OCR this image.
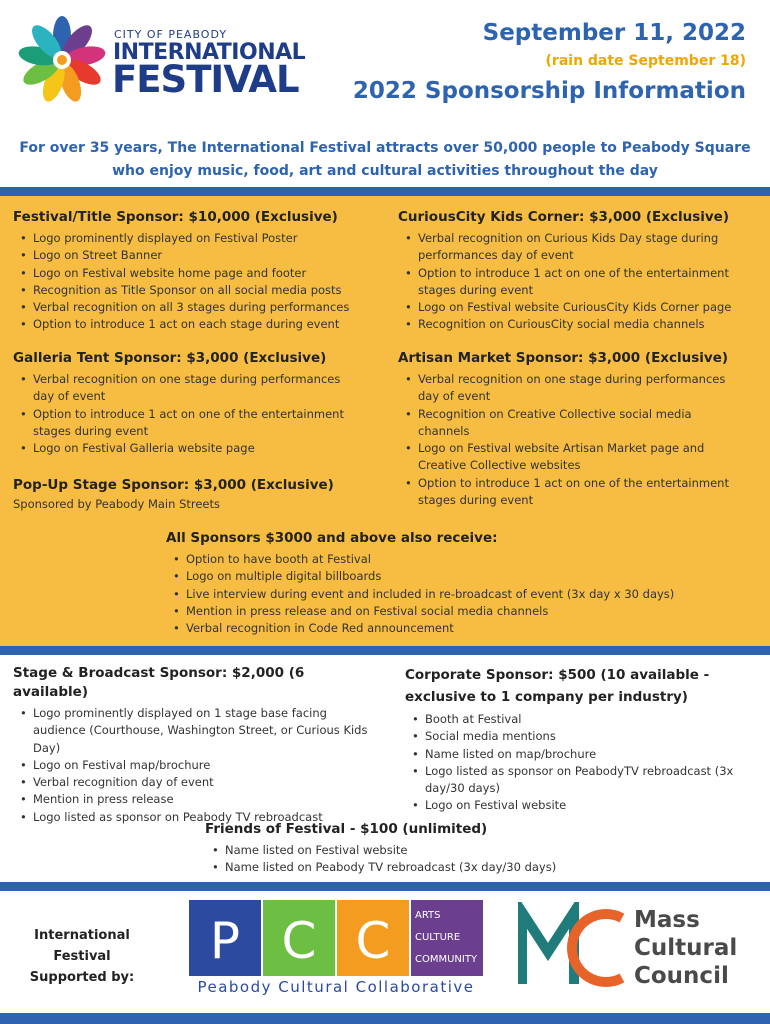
CITY OF PEABODY
INTERNATIONAL
FESTIVAL
September 11, 2022
(rain date September 18)
2022 Sponsorship Information
For over 35 years, The International Festival attracts over 50,000 people to Peabody Square
who enjoy music, food, art and cultural activities throughout the day
Festival/Title Sponsor: $10,000 (Exclusive)
• Logo prominently displayed on Festival Poster
• Logo on Street Banner
• Logo on Festival website home page and footer
• Recognition as Title Sponsor on all social media posts
• Verbal recognition on all 3 stages during performances
• Option to introduce 1 act on each stage during event
CuriousCity Kids Corner: $3,000 (Exclusive)
• Verbal recognition on Curious Kids Day stage during performances day of event
• Option to introduce 1 act on one of the entertainment stages during event
• Logo on Festival website CuriousCity Kids Corner page
• Recognition on CuriousCity social media channels
Galleria Tent Sponsor: $3,000 (Exclusive)
• Verbal recognition on one stage during performances day of event
• Option to introduce 1 act on one of the entertainment stages during event
• Logo on Festival Galleria website page
Artisan Market Sponsor: $3,000 (Exclusive)
• Verbal recognition on one stage during performances day of event
• Recognition on Creative Collective social media channels
• Logo on Festival website Artisan Market page and Creative Collective websites
• Option to introduce 1 act on one of the entertainment stages during event
Pop-Up Stage Sponsor: $3,000 (Exclusive)

Sponsored by Peabody Main Streets

All Sponsors $3000 and above also receive:
• Option to have booth at Festival
• Logo on multiple digital billboards
• Live interview during event and included in re-broadcast of event (3x day x 30 days)
• Mention in press release and on Festival social media channels
• Verbal recognition in Code Red announcement
Stage & Broadcast Sponsor: $2,000 (6 available)
• Logo prominently displayed on 1 stage base facing audience (Courthouse, Washington Street, or Curious Kids Day)
• Logo on Festival map/brochure
• Verbal recognition day of event
• Mention in press release
• Logo listed as sponsor on Peabody TV rebroadcast
Corporate Sponsor: $500 (10 available -
exclusive to 1 company per industry)
• Booth at Festival
• Social media mentions
• Name listed on map/brochure
• Logo listed as sponsor on PeabodyTV rebroadcast (3x day/30 days)
• Logo on Festival website
Friends of Festival - $100 (unlimited)
• Name listed on Festival website
• Name listed on Peabody TV rebroadcast (3x day/30 days)
International Festival
Supported by:
P C C ARTS
CULTURE
COMMUNITY
Peabody Cultural Collaborative
Mass
Cultural
Council
